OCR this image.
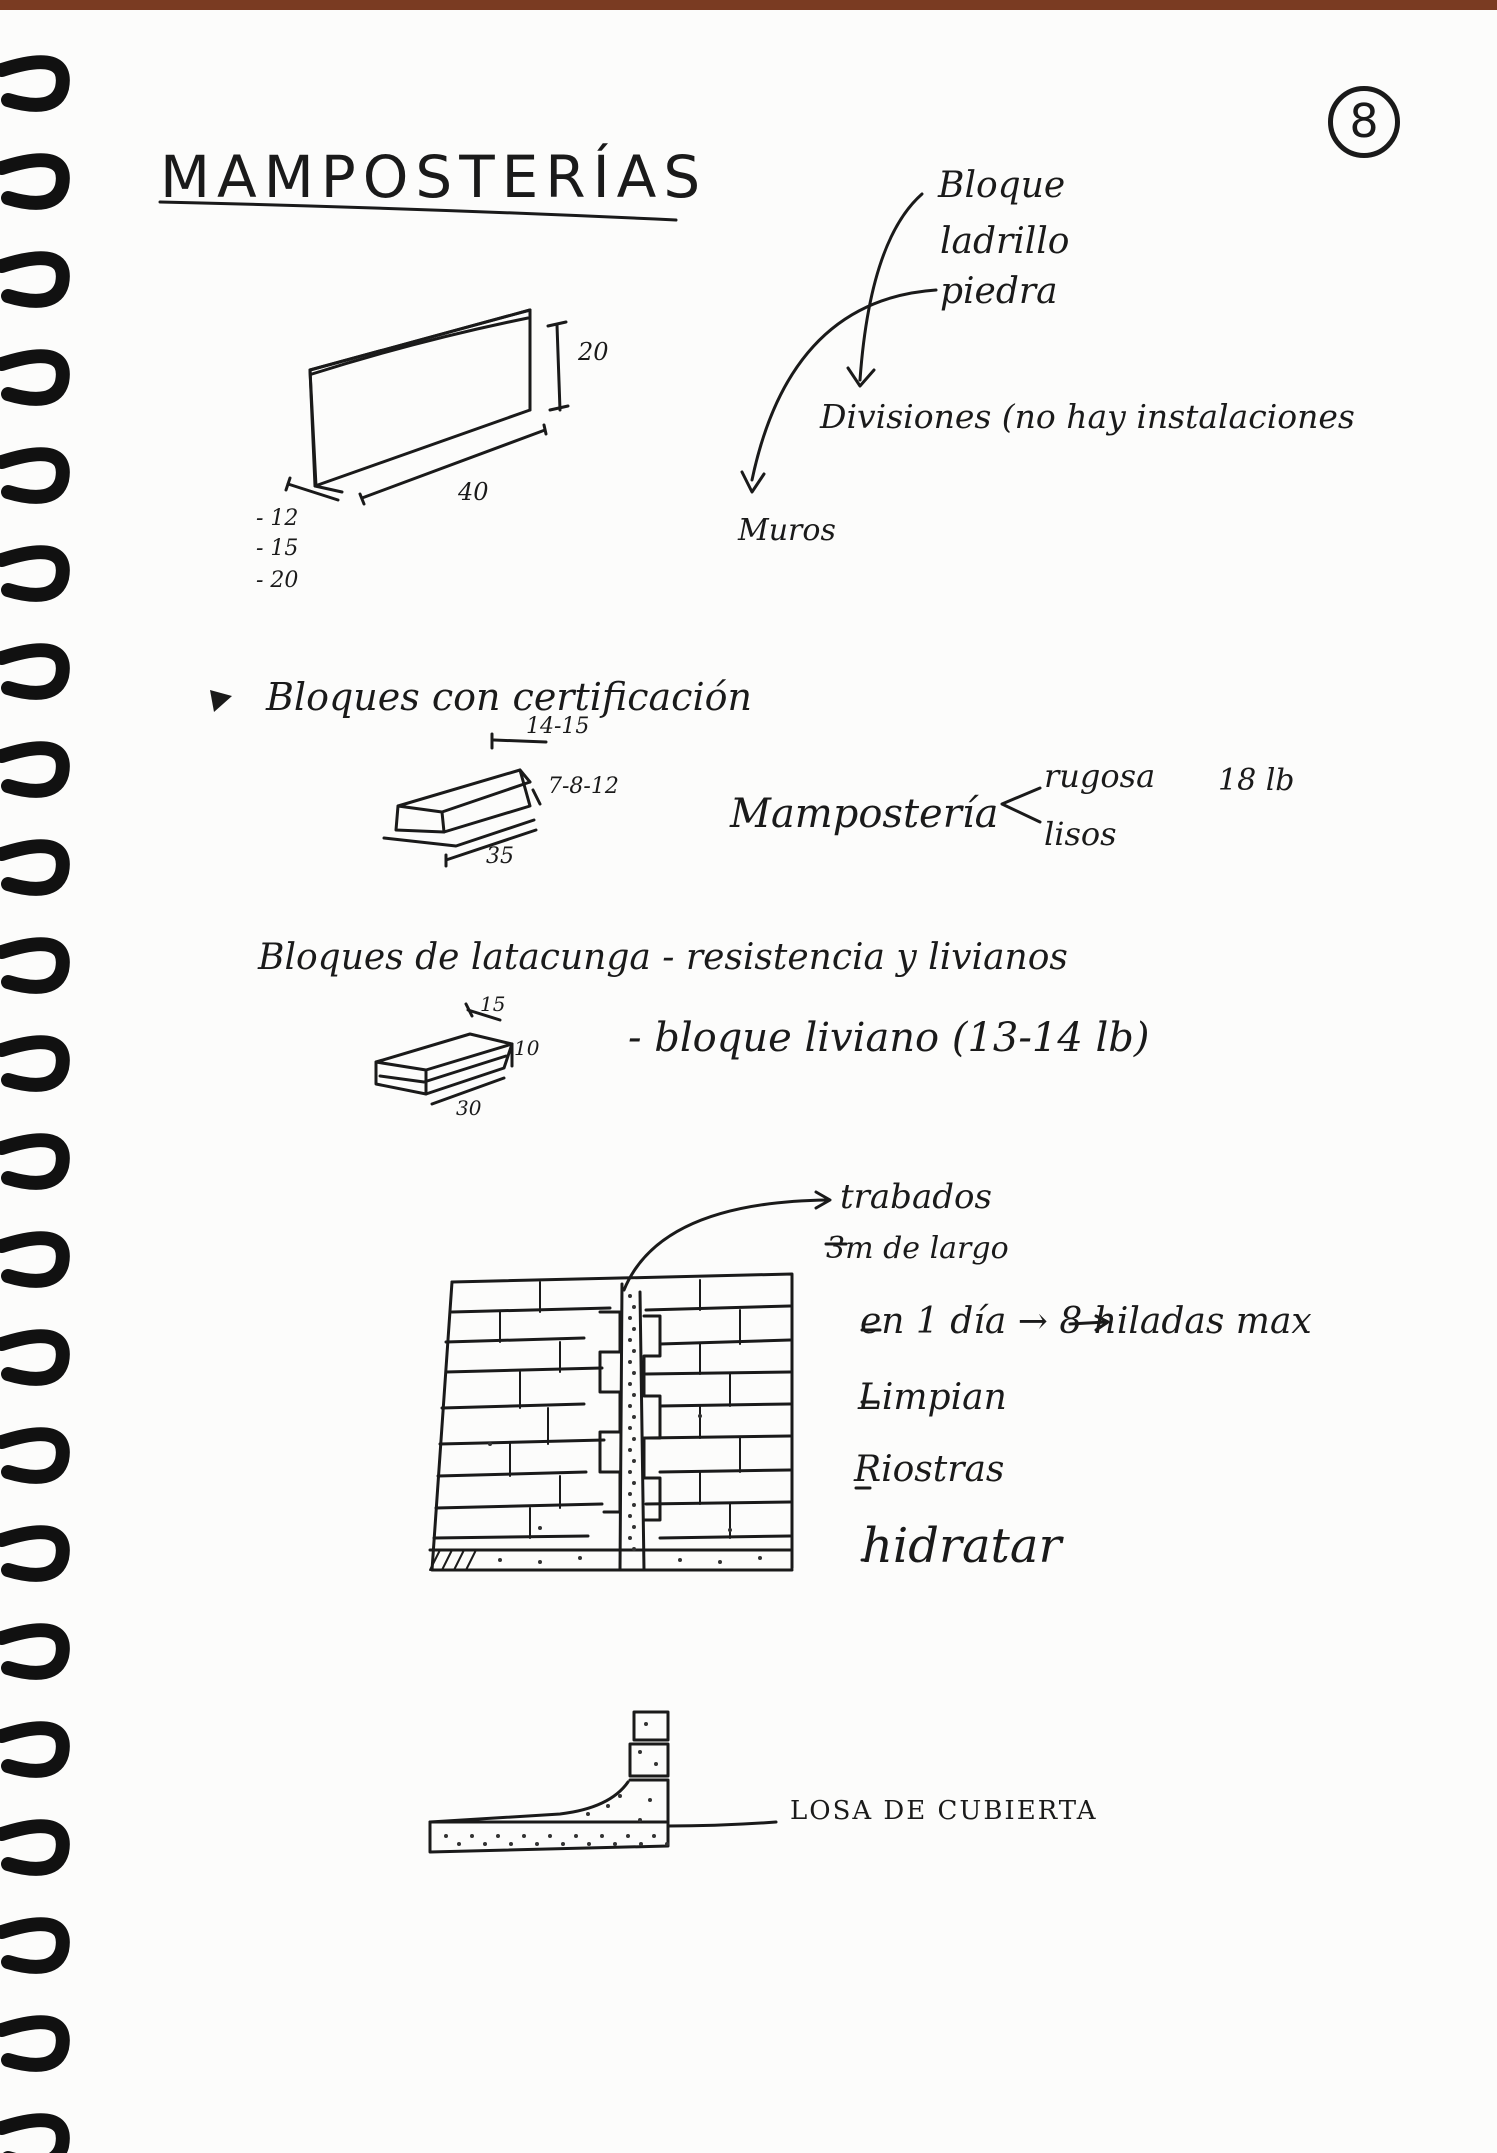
MAMPOSTERÍAS
8
Bloque
ladrillo
piedra
Divisiones (no hay instalaciones
Muros
20
40
- 12
- 15
- 20
Bloques con certificación
14-15
7-8-12
35
Mampostería
rugosa
lisos
18 lb
Bloques de latacunga - resistencia y livianos
15
10
30
- bloque liviano (13-14 lb)
trabados
3m de largo
en 1 día → 8 hiladas max
Limpian
Riostras
hidratar
LOSA DE CUBIERTA
